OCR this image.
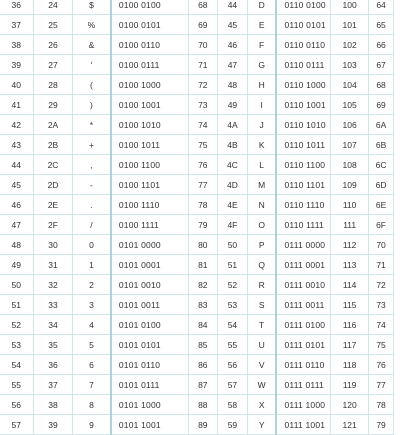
	36	24	$	0100 0100	68	44	D	0110 0100	100	64
	37	25	%	0100 0101	69	45	E	0110 0101	101	65
	38	26	&	0100 0110	70	46	F	0110 0110	102	66
	39	27	'	0100 0111	71	47	G	0110 0111	103	67
	40	28	(	0100 1000	72	48	H	0110 1000	104	68
	41	29	)	0100 1001	73	49	I	0110 1001	105	69
	42	2A	*	0100 1010	74	4A	J	0110 1010	106	6A
	43	2B	+	0100 1011	75	4B	K	0110 1011	107	6B
	44	2C	,	0100 1100	76	4C	L	0110 1100	108	6C
	45	2D	-	0100 1101	77	4D	M	0110 1101	109	6D
	46	2E	.	0100 1110	78	4E	N	0110 1110	110	6E
	47	2F	/	0100 1111	79	4F	O	0110 1111	111	6F
	48	30	0	0101 0000	80	50	P	0111 0000	112	70
	49	31	1	0101 0001	81	51	Q	0111 0001	113	71
	50	32	2	0101 0010	82	52	R	0111 0010	114	72
	51	33	3	0101 0011	83	53	S	0111 0011	115	73
	52	34	4	0101 0100	84	54	T	0111 0100	116	74
	53	35	5	0101 0101	85	55	U	0111 0101	117	75
	54	36	6	0101 0110	86	56	V	0111 0110	118	76
	55	37	7	0101 0111	87	57	W	0111 0111	119	77
	56	38	8	0101 1000	88	58	X	0111 1000	120	78
	57	39	9	0101 1001	89	59	Y	0111 1001	121	79
